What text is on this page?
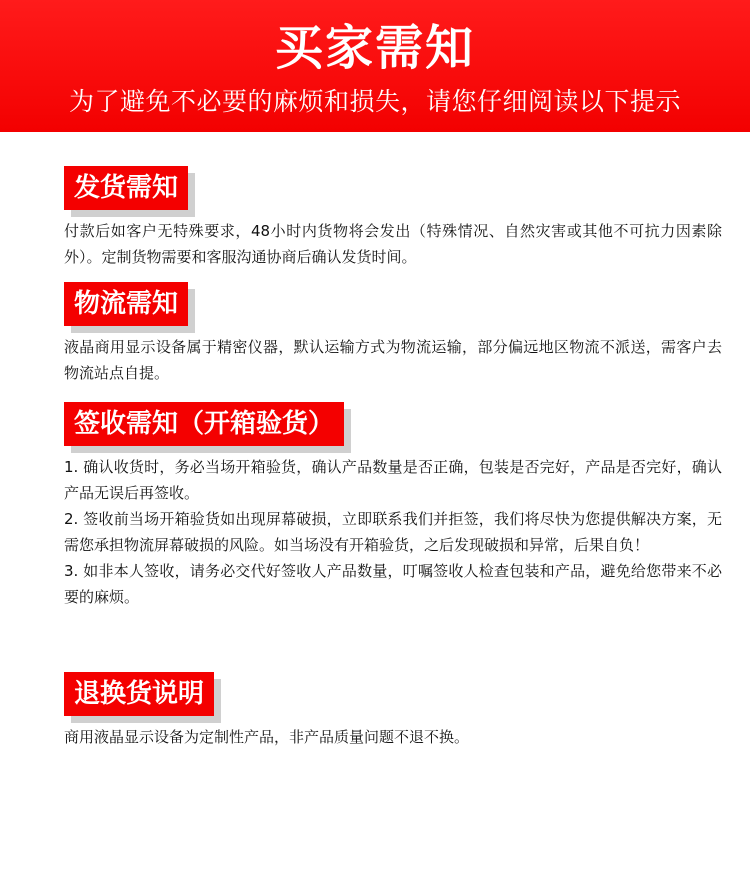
买家需知
为了避免不必要的麻烦和损失，请您仔细阅读以下提示
发货需知
付款后如客户无特殊要求，48小时内货物将会发出（特殊情况、自然灾害或其他不可抗力因素除外）。定制货物需要和客服沟通协商后确认发货时间。
物流需知
液晶商用显示设备属于精密仪器，默认运输方式为物流运输，部分偏远地区物流不派送，需客户去物流站点自提。
签收需知（开箱验货）
1. 确认收货时，务必当场开箱验货，确认产品数量是否正确，包装是否完好，产品是否完好，确认产品无误后再签收。
2. 签收前当场开箱验货如出现屏幕破损，立即联系我们并拒签，我们将尽快为您提供解决方案，无需您承担物流屏幕破损的风险。如当场没有开箱验货，之后发现破损和异常，后果自负！
3. 如非本人签收，请务必交代好签收人产品数量，叮嘱签收人检查包装和产品，避免给您带来不必要的麻烦。
退换货说明
商用液晶显示设备为定制性产品，非产品质量问题不退不换。
